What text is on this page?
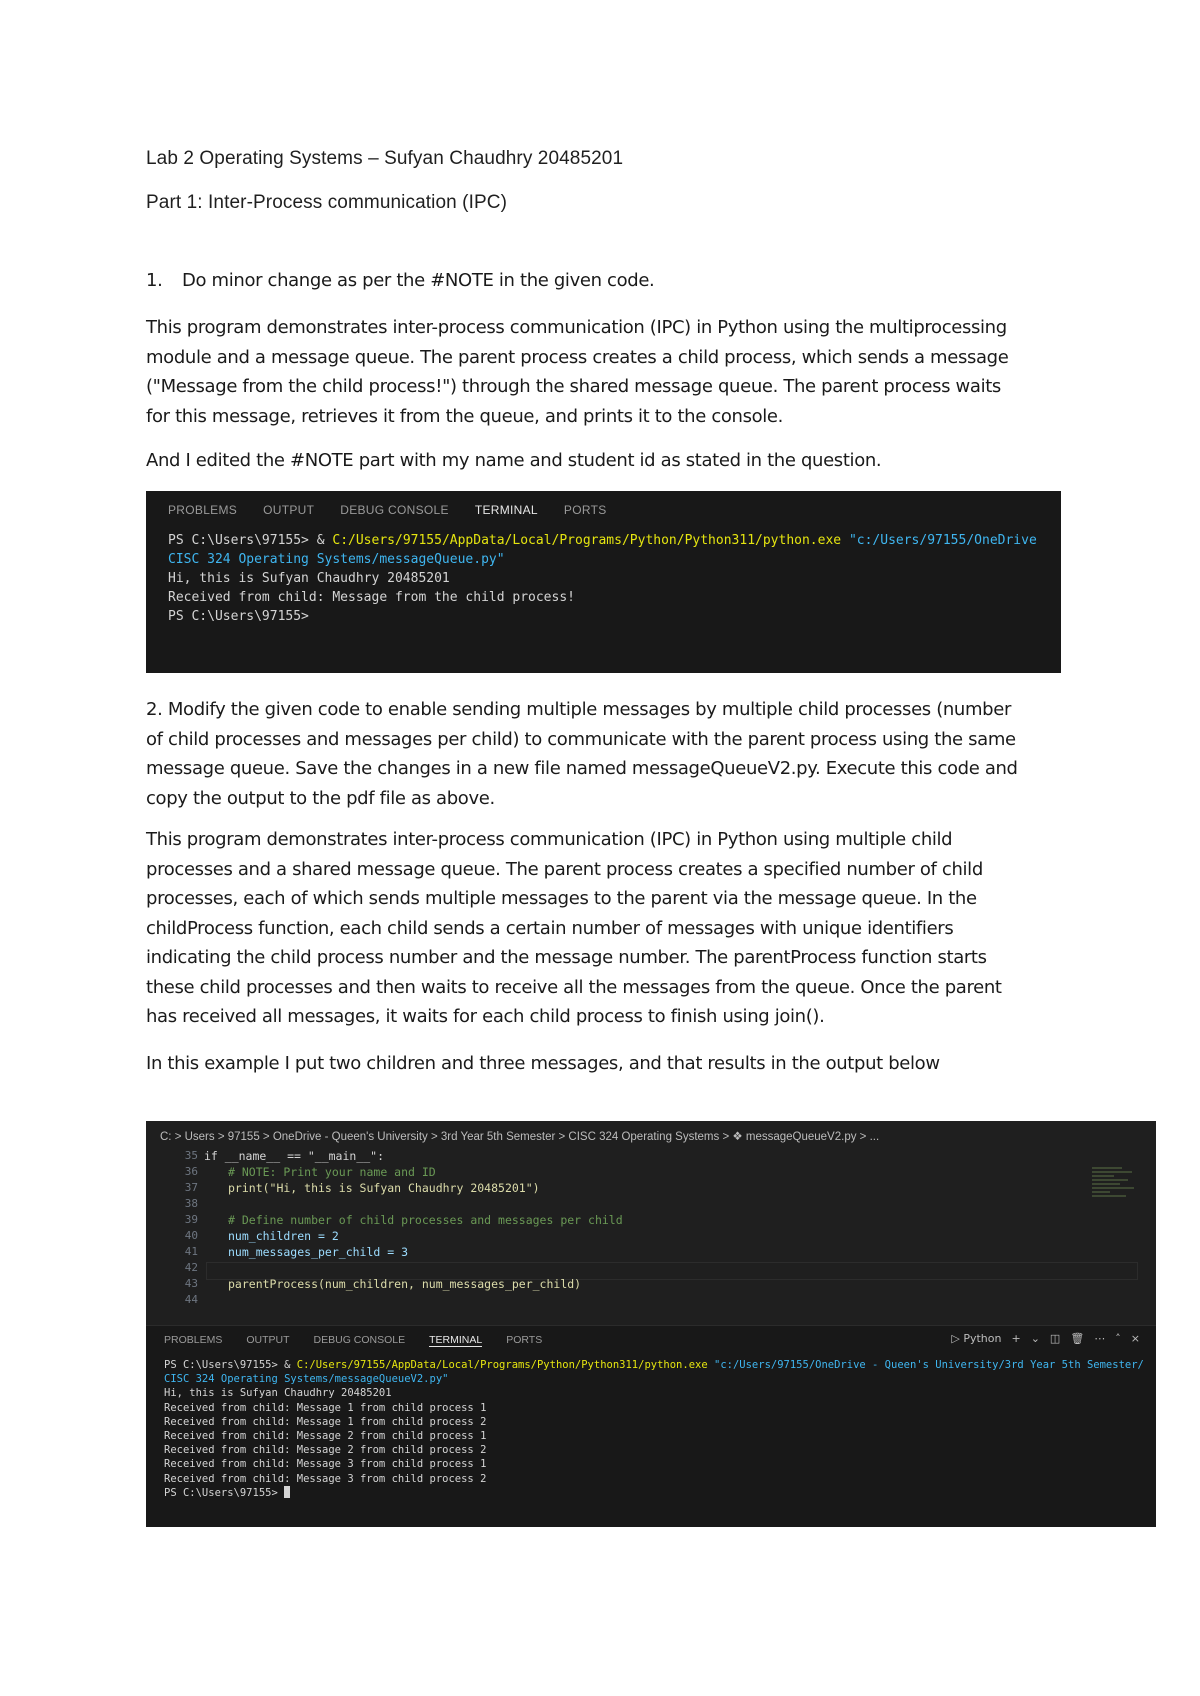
Lab 2 Operating Systems – Sufyan Chaudhry 20485201
Part 1: Inter-Process communication (IPC)
1. Do minor change as per the #NOTE in the given code.

This program demonstrates inter-process communication (IPC) in Python using the multiprocessing

module and a message queue. The parent process creates a child process, which sends a message

("Message from the child process!") through the shared message queue. The parent process waits

for this message, retrieves it from the queue, and prints it to the console.

And I edited the #NOTE part with my name and student id as stated in the question.

PROBLEMS OUTPUT DEBUG CONSOLE TERMINAL PORTS
PS C:\Users\97155> & C:/Users/97155/AppData/Local/Programs/Python/Python311/python.exe "c:/Users/97155/OneDrive
CISC 324 Operating Systems/messageQueue.py"
Hi, this is Sufyan Chaudhry 20485201
Received from child: Message from the child process!
PS C:\Users\97155>

2. Modify the given code to enable sending multiple messages by multiple child processes (number

of child processes and messages per child) to communicate with the parent process using the same

message queue. Save the changes in a new file named messageQueueV2.py. Execute this code and

copy the output to the pdf file as above.

This program demonstrates inter-process communication (IPC) in Python using multiple child

processes and a shared message queue. The parent process creates a specified number of child

processes, each of which sends multiple messages to the parent via the message queue. In the

childProcess function, each child sends a certain number of messages with unique identifiers

indicating the child process number and the message number. The parentProcess function starts

these child processes and then waits to receive all the messages from the queue. Once the parent

has received all messages, it waits for each child process to finish using join().

In this example I put two children and three messages, and that results in the output below

C: > Users > 97155 > OneDrive - Queen's University > 3rd Year 5th Semester > CISC 324 Operating Systems > ❖ messageQueueV2.py > ...
35 if __name__ == "__main__":
36	# NOTE: Print your name and ID
37	print("Hi, this is Sufyan Chaudhry 20485201")
38
39	# Define number of child processes and messages per child
40	num_children = 2
41	num_messages_per_child = 3
42
43	parentProcess(num_children, num_messages_per_child)
44
PROBLEMS OUTPUT DEBUG CONSOLE TERMINAL PORTS	▷ Python + ⌄ ◫ 🗑 ⋯ ˄ ×
PS C:\Users\97155> & C:/Users/97155/AppData/Local/Programs/Python/Python311/python.exe "c:/Users/97155/OneDrive - Queen's University/3rd Year 5th Semester/
CISC 324 Operating Systems/messageQueueV2.py"
Hi, this is Sufyan Chaudhry 20485201
Received from child: Message 1 from child process 1
Received from child: Message 1 from child process 2
Received from child: Message 2 from child process 1
Received from child: Message 2 from child process 2
Received from child: Message 3 from child process 1
Received from child: Message 3 from child process 2
PS C:\Users\97155>
